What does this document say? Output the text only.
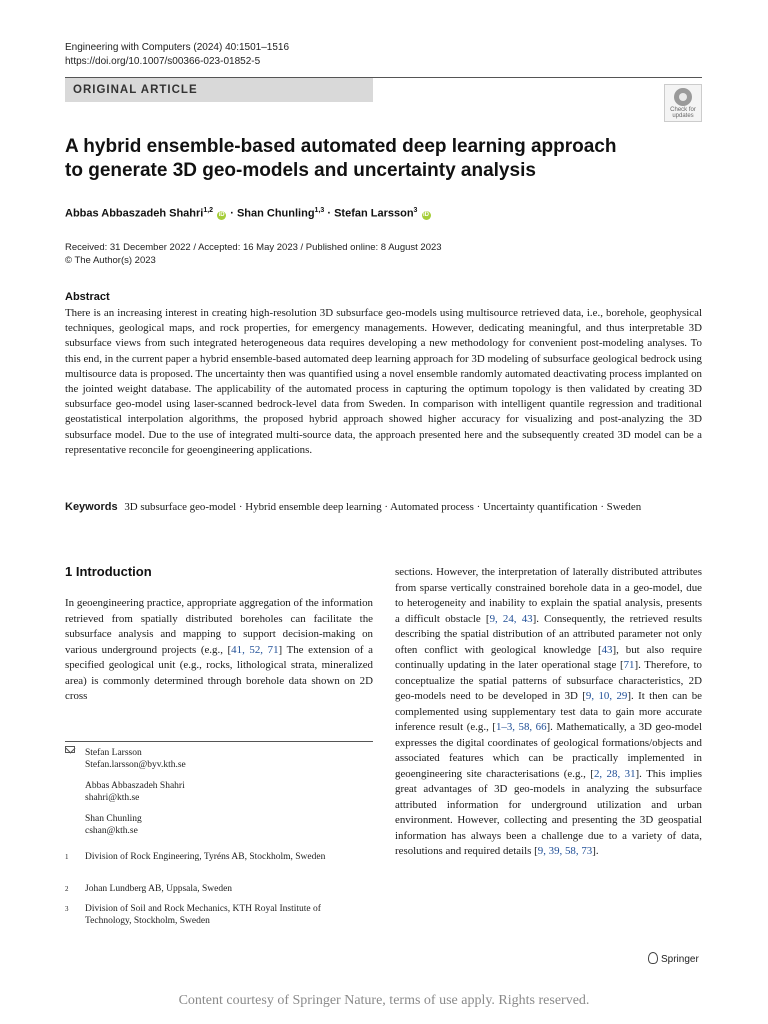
Engineering with Computers (2024) 40:1501–1516
https://doi.org/10.1007/s00366-023-01852-5
ORIGINAL ARTICLE
Check for updates
A hybrid ensemble-based automated deep learning approach
to generate 3D geo-models and uncertainty analysis
Abbas Abbaszadeh Shahri$^{1,2}$ iD · Shan Chunling$^{1,3}$ · Stefan Larsson$^3$ iD
Received: 31 December 2022 / Accepted: 16 May 2023 / Published online: 8 August 2023
© The Author(s) 2023
Abstract
There is an increasing interest in creating high-resolution 3D subsurface geo-models using multisource retrieved data, i.e., borehole, geophysical techniques, geological maps, and rock properties, for emergency managements. However, dedicating meaningful, and thus interpretable 3D subsurface views from such integrated heterogeneous data requires developing a new methodology for convenient post-modeling analyses. To this end, in the current paper a hybrid ensemble-based automated deep learning approach for 3D modeling of subsurface geological bedrock using multisource data is proposed. The uncertainty then was quantified using a novel ensemble randomly automated deactivating process implanted on the jointed weight database. The applicability of the automated process in capturing the optimum topology is then validated by creating 3D subsurface geo-model using laser-scanned bedrock-level data from Sweden. In comparison with intelligent quantile regression and traditional geostatistical interpolation algorithms, the proposed hybrid approach showed higher accuracy for visualizing and post-analyzing the 3D subsurface model. Due to the use of integrated multi-source data, the approach presented here and the subsequently created 3D model can be a representative reconcile for geoengineering applications.
Keywords 3D subsurface geo-model · Hybrid ensemble deep learning · Automated process · Uncertainty quantification · Sweden
1 Introduction
In geoengineering practice, appropriate aggregation of the information retrieved from spatially distributed boreholes can facilitate the subsurface analysis and mapping to support decision-making on various underground projects (e.g., [41, 52, 71] The extension of a specified geological unit (e.g., rocks, lithological strata, mineralized area) is commonly determined through borehole data shown on 2D cross
Stefan Larsson
Stefan.larsson@byv.kth.se
Abbas Abbaszadeh Shahri
shahri@kth.se
Shan Chunling
cshan@kth.se
1 Division of Rock Engineering, Tyréns AB, Stockholm, Sweden
2 Johan Lundberg AB, Uppsala, Sweden
3 Division of Soil and Rock Mechanics, KTH Royal Institute of Technology, Stockholm, Sweden
sections. However, the interpretation of laterally distributed attributes from sparse vertically constrained borehole data in a geo-model, due to heterogeneity and inability to explain the spatial analysis, presents a difficult obstacle [9, 24, 43]. Consequently, the retrieved results describing the spatial distribution of an attributed parameter not only often conflict with geological knowledge [43], but also require continually updating in the later operational stage [71]. Therefore, to conceptualize the spatial patterns of subsurface characteristics, 2D geo-models need to be developed in 3D [9, 10, 29]. It then can be complemented using supplementary test data to gain more accurate inference result (e.g., [1–3, 58, 66]. Mathematically, a 3D geo-model expresses the digital coordinates of geological formations/objects and associated features which can be practically implemented in geoengineering site characterisations (e.g., [2, 28, 31]. This implies great advantages of 3D geo-models in analyzing the subsurface attributed information for underground utilization and urban environment. However, collecting and presenting the 3D geospatial information has always been a challenge due to a variety of data, resolutions and required details [9, 39, 58, 73].
Springer
Content courtesy of Springer Nature, terms of use apply. Rights reserved.
